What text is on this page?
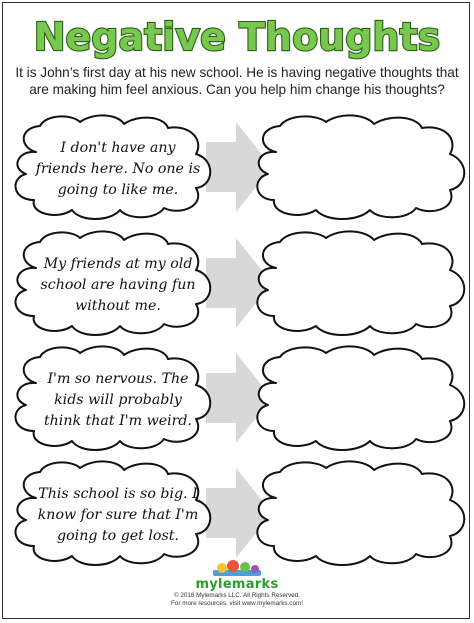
Negative Thoughts

It is John’s first day at his new school. He is having negative thoughts that are making him feel anxious. Can you help him change his thoughts?

I don't have any
friends here. No one is
going to like me.
My friends at my old
school are having fun
without me.
I'm so nervous. The
kids will probably
think that I'm weird.
This school is so big. I
know for sure that I'm
going to get lost.
mylemarks
© 2018 Mylemarks LLC. All Rights Reserved.
For more resources, visit www.mylemarks.com!
